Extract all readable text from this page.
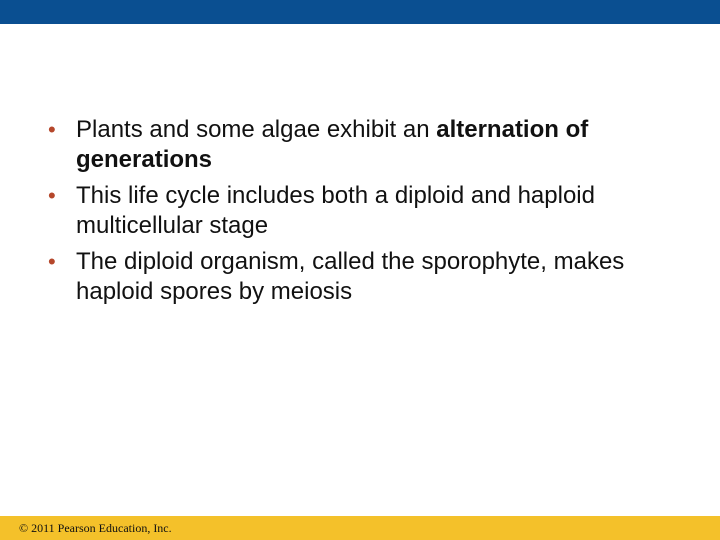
• Plants and some algae exhibit an alternation of generations
• This life cycle includes both a diploid and haploid multicellular stage
• The diploid organism, called the sporophyte, makes haploid spores by meiosis
© 2011 Pearson Education, Inc.
